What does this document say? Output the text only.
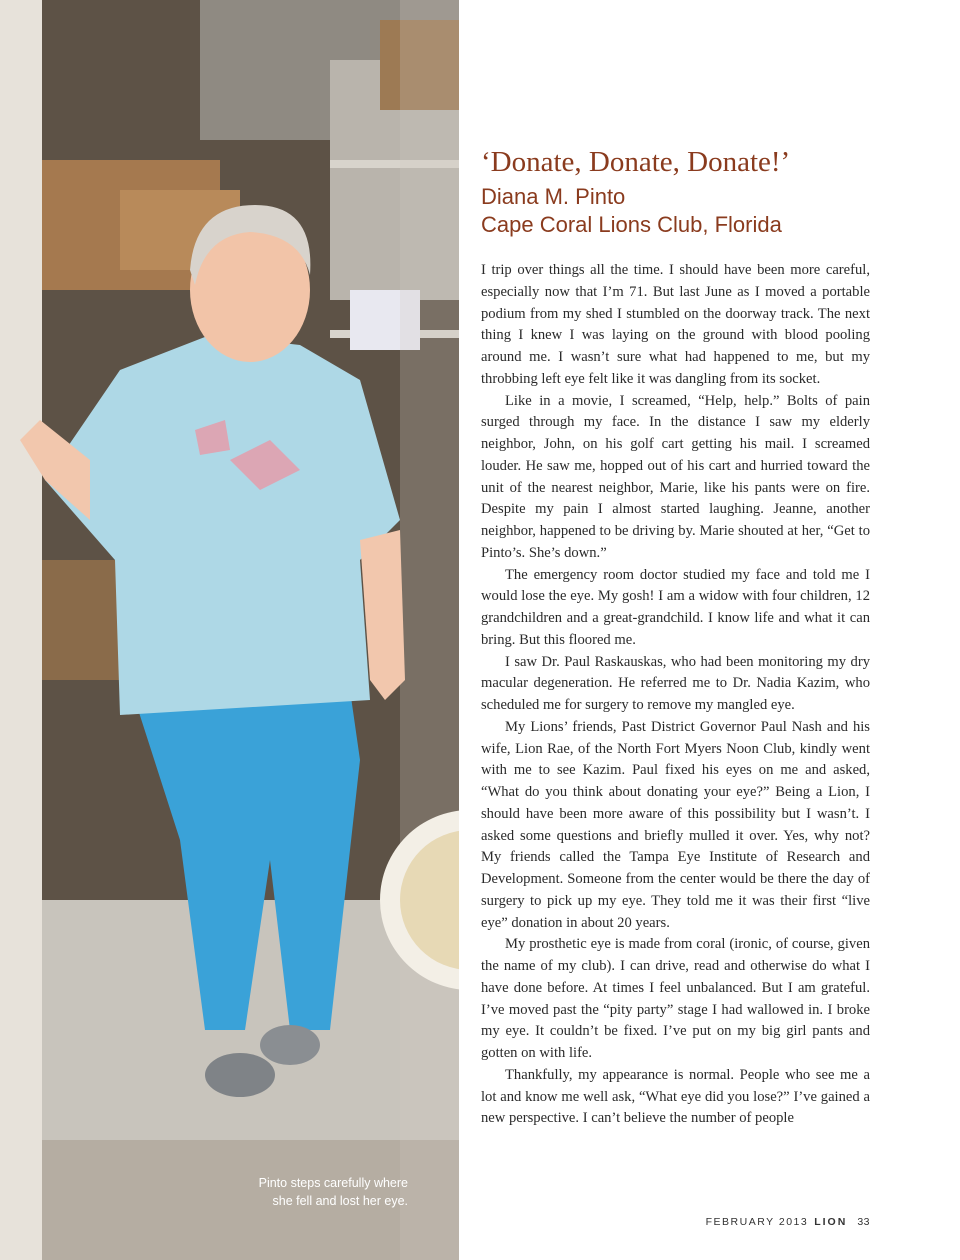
Pinto steps carefully where
she fell and lost her eye.
‘Donate, Donate, Donate!’
Diana M. Pinto
Cape Coral Lions Club, Florida

I trip over things all the time. I should have been more careful, especially now that I’m 71. But last June as I moved a portable podium from my shed I stumbled on the doorway track. The next thing I knew I was laying on the ground with blood pooling around me. I wasn’t sure what had happened to me, but my throbbing left eye felt like it was dangling from its socket.

Like in a movie, I screamed, “Help, help.” Bolts of pain surged through my face. In the distance I saw my elderly neighbor, John, on his golf cart getting his mail. I screamed louder. He saw me, hopped out of his cart and hurried toward the unit of the nearest neighbor, Marie, like his pants were on fire. Despite my pain I almost started laughing. Jeanne, another neighbor, happened to be driving by. Marie shouted at her, “Get to Pinto’s. She’s down.”

The emergency room doctor studied my face and told me I would lose the eye. My gosh! I am a widow with four children, 12 grandchildren and a great-grandchild. I know life and what it can bring. But this floored me.

I saw Dr. Paul Raskauskas, who had been monitoring my dry macular degeneration. He referred me to Dr. Nadia Kazim, who scheduled me for surgery to remove my mangled eye.

My Lions’ friends, Past District Governor Paul Nash and his wife, Lion Rae, of the North Fort Myers Noon Club, kindly went with me to see Kazim. Paul fixed his eyes on me and asked, “What do you think about donating your eye?” Being a Lion, I should have been more aware of this possibility but I wasn’t. I asked some questions and briefly mulled it over. Yes, why not? My friends called the Tampa Eye Institute of Research and Development. Someone from the center would be there the day of surgery to pick up my eye. They told me it was their first “live eye” donation in about 20 years.

My prosthetic eye is made from coral (ironic, of course, given the name of my club). I can drive, read and otherwise do what I have done before. At times I feel unbalanced. But I am grateful. I’ve moved past the “pity party” stage I had wallowed in. I broke my eye. It couldn’t be fixed. I’ve put on my big girl pants and gotten on with life.

Thankfully, my appearance is normal. People who see me a lot and know me well ask, “What eye did you lose?” I’ve gained a new perspective. I can’t believe the number of people

FEBRUARY 2013 LION 33
